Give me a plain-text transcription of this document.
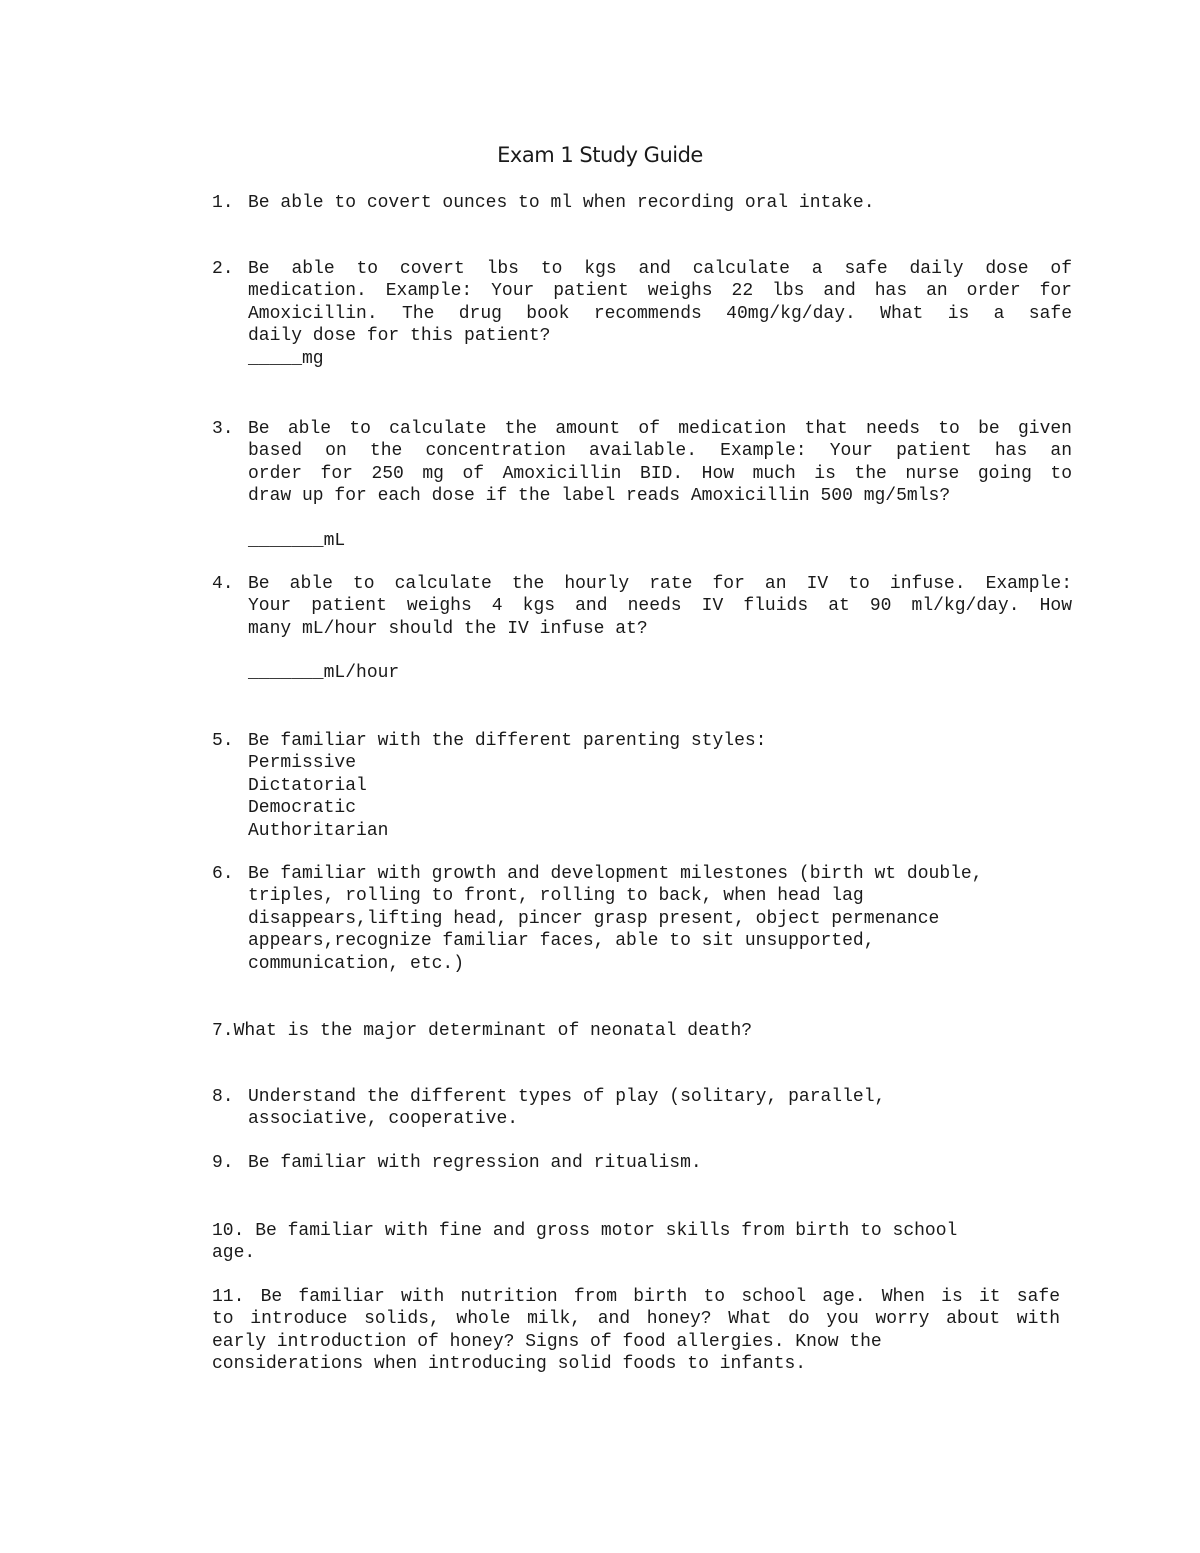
Exam 1 Study Guide
1. Be able to covert ounces to ml when recording oral intake.
2. Be able to covert lbs to kgs and calculate a safe daily dose of
medication. Example: Your patient weighs 22 lbs and has an order for
Amoxicillin. The drug book recommends 40mg/kg/day. What is a safe
daily dose for this patient?
_____mg
3. Be able to calculate the amount of medication that needs to be given
based on the concentration available. Example: Your patient has an
order for 250 mg of Amoxicillin BID. How much is the nurse going to
draw up for each dose if the label reads Amoxicillin 500 mg/5mls?
_______mL
4. Be able to calculate the hourly rate for an IV to infuse. Example:
Your patient weighs 4 kgs and needs IV fluids at 90 ml/kg/day. How
many mL/hour should the IV infuse at?
_______mL/hour
5. Be familiar with the different parenting styles:
Permissive
Dictatorial
Democratic
Authoritarian
6. Be familiar with growth and development milestones (birth wt double,
triples, rolling to front, rolling to back, when head lag
disappears,lifting head, pincer grasp present, object permenance
appears,recognize familiar faces, able to sit unsupported,
communication, etc.)
7.What is the major determinant of neonatal death?
8. Understand the different types of play (solitary, parallel,
associative, cooperative.
9. Be familiar with regression and ritualism.
10. Be familiar with fine and gross motor skills from birth to school
age.
11. Be familiar with nutrition from birth to school age. When is it safe
to introduce solids, whole milk, and honey? What do you worry about with
early introduction of honey? Signs of food allergies. Know the
considerations when introducing solid foods to infants.
